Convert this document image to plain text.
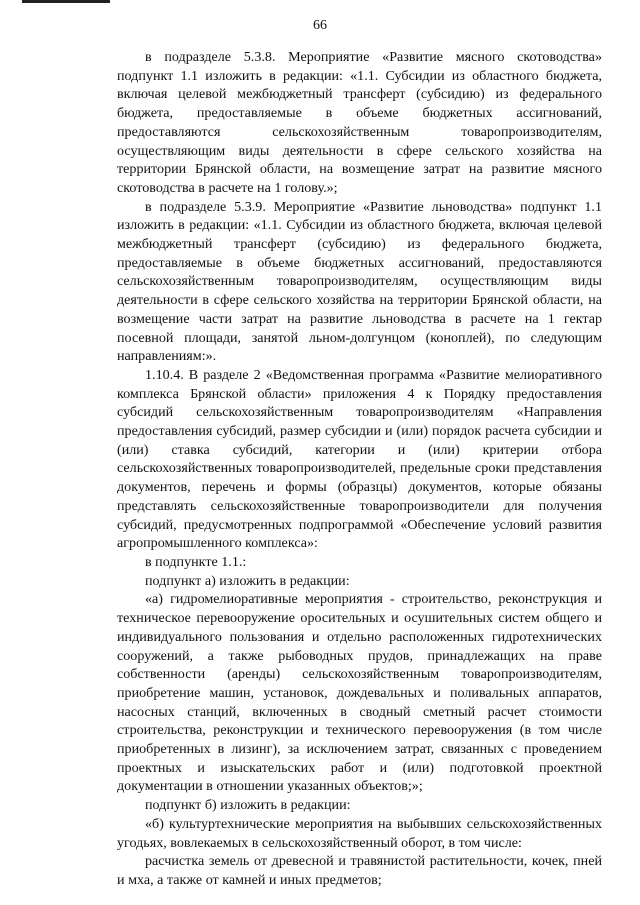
66

в подразделе 5.3.8. Мероприятие «Развитие мясного скотоводства» подпункт 1.1 изложить в редакции: «1.1. Субсидии из областного бюджета, включая целевой межбюджетный трансферт (субсидию) из федерального бюджета, предоставляемые в объеме бюджетных ассигнований, предоставляются сельскохозяйственным товаропроизводителям, осуществляющим виды деятельности в сфере сельского хозяйства на территории Брянской области, на возмещение затрат на развитие мясного скотоводства в расчете на 1 голову.»;

в подразделе 5.3.9. Мероприятие «Развитие льноводства» подпункт 1.1 изложить в редакции: «1.1. Субсидии из областного бюджета, включая целевой межбюджетный трансферт (субсидию) из федерального бюджета, предоставляемые в объеме бюджетных ассигнований, предоставляются сельскохозяйственным товаропроизводителям, осуществляющим виды деятельности в сфере сельского хозяйства на территории Брянской области, на возмещение части затрат на развитие льноводства в расчете на 1 гектар посевной площади, занятой льном-долгунцом (коноплей), по следующим направлениям:».

1.10.4. В разделе 2 «Ведомственная программа «Развитие мелиоративного комплекса Брянской области» приложения 4 к Порядку предоставления субсидий сельскохозяйственным товаропроизводителям «Направления предоставления субсидий, размер субсидии и (или) порядок расчета субсидии и (или) ставка субсидий, категории и (или) критерии отбора сельскохозяйственных товаропроизводителей, предельные сроки представления документов, перечень и формы (образцы) документов, которые обязаны представлять сельскохозяйственные товаропроизводители для получения субсидий, предусмотренных подпрограммой «Обеспечение условий развития агропромышленного комплекса»:

в подпункте 1.1.:

подпункт а) изложить в редакции:

«а) гидромелиоративные мероприятия - строительство, реконструкция и техническое перевооружение оросительных и осушительных систем общего и индивидуального пользования и отдельно расположенных гидротехнических сооружений, а также рыбоводных прудов, принадлежащих на праве собственности (аренды) сельскохозяйственным товаропроизводителям, приобретение машин, установок, дождевальных и поливальных аппаратов, насосных станций, включенных в сводный сметный расчет стоимости строительства, реконструкции и технического перевооружения (в том числе приобретенных в лизинг), за исключением затрат, связанных с проведением проектных и изыскательских работ и (или) подготовкой проектной документации в отношении указанных объектов;»;

подпункт б) изложить в редакции:

«б) культуртехнические мероприятия на выбывших сельскохозяйственных угодьях, вовлекаемых в сельскохозяйственный оборот, в том числе:

расчистка земель от древесной и травянистой растительности, кочек, пней и мха, а также от камней и иных предметов;
